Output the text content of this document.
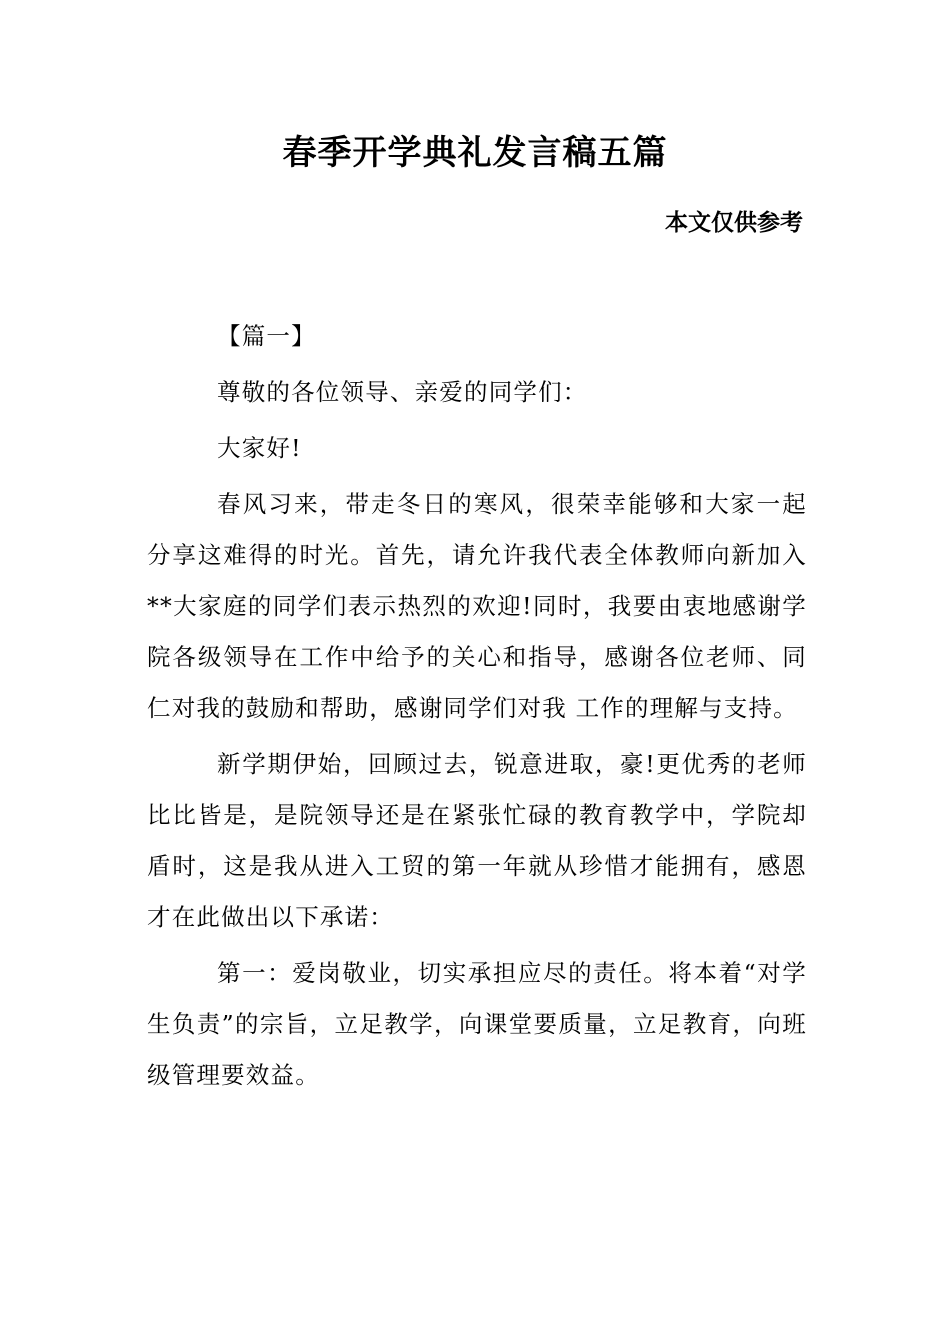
春季开学典礼发言稿五篇
本文仅供参考

【篇一】

尊敬的各位领导、亲爱的同学们：

大家好!

春风习来，带走冬日的寒风，很荣幸能够和大家一起分享这难得的时光。首先，请允许我代表全体教师向新加入**大家庭的同学们表示热烈的欢迎!同时，我要由衷地感谢学院各级领导在工作中给予的关心和指导，感谢各位老师、同仁对我的鼓励和帮助，感谢同学们对我 工作的理解与支持。

新学期伊始，回顾过去，锐意进取，豪!更优秀的老师比比皆是，是院领导还是在紧张忙碌的教育教学中，学院却盾时，这是我从进入工贸的第一年就从珍惜才能拥有，感恩才在此做出以下承诺：

第一：爱岗敬业，切实承担应尽的责任。将本着“对学生负责”的宗旨，立足教学，向课堂要质量，立足教育，向班级管理要效益。
